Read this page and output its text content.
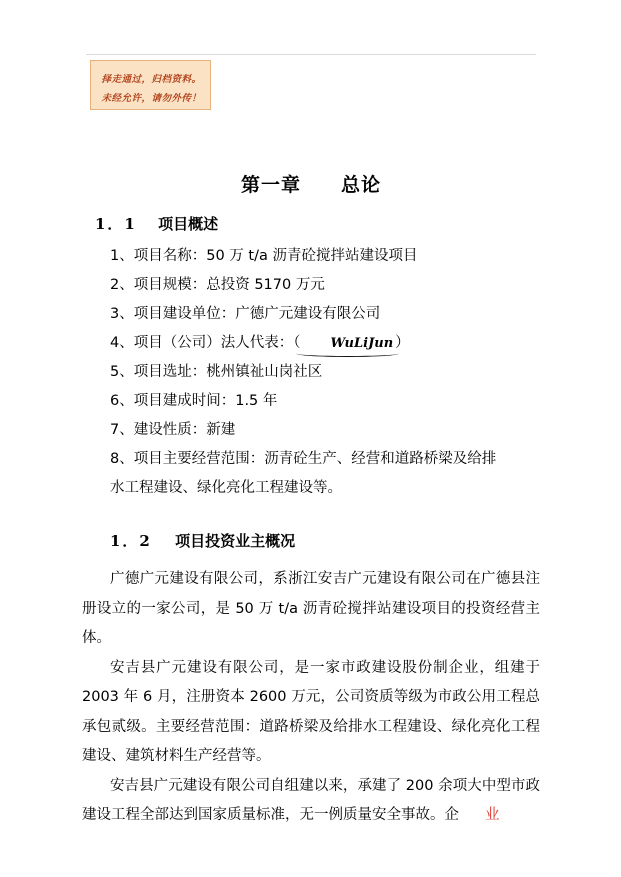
择走通过，归档资料。
未经允许，请勿外传！
第一章　　总论
1．1 项目概述
1、项目名称：50 万 t/a 沥青砼搅拌站建设项目
2、项目规模：总投资 5170 万元
3、项目建设单位：广德广元建设有限公司
4、项目（公司）法人代表：（ WuLiJun ）
5、项目选址：桃州镇祉山岗社区
6、项目建成时间：1.5 年
7、建设性质：新建
8、项目主要经营范围：沥青砼生产、经营和道路桥梁及给排
水工程建设、绿化亮化工程建设等。
1．2 项目投资业主概况

广德广元建设有限公司，系浙江安吉广元建设有限公司在广德县注册设立的一家公司，是 50 万 t/a 沥青砼搅拌站建设项目的投资经营主体。

安吉县广元建设有限公司，是一家市政建设股份制企业，组建于 2003 年 6 月，注册资本 2600 万元，公司资质等级为市政公用工程总承包贰级。主要经营范围：道路桥梁及给排水工程建设、绿化亮化工程建设、建筑材料生产经营等。

安吉县广元建设有限公司自组建以来，承建了 200 余项大中型市政建设工程全部达到国家质量标准，无一例质量安全事故。企 业
